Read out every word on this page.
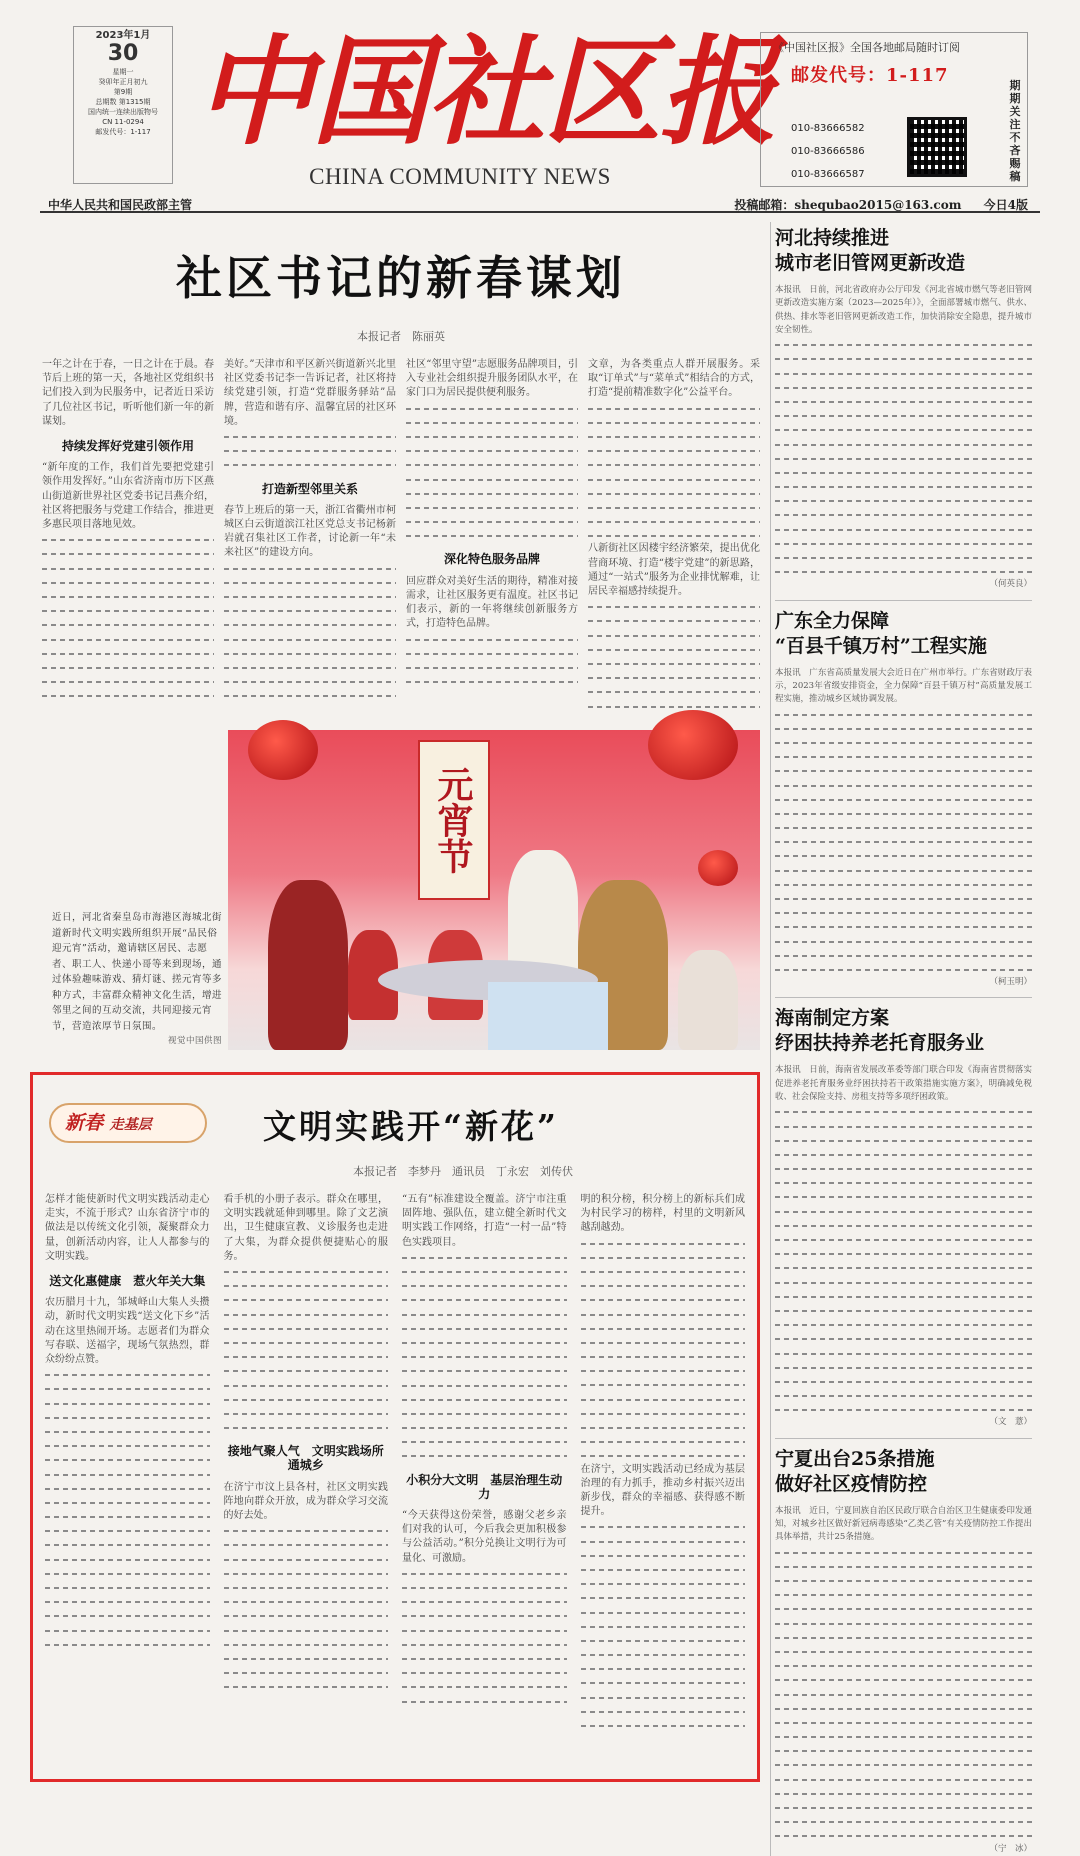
2023年1月
30
星期一
癸卯年正月初九
第9期
总期数 第1315期
国内统一连续出版物号
CN 11-0294
邮发代号：1-117 中国社区报
CHINA COMMUNITY NEWS
《中国社区报》全国各地邮局随时订阅
邮发代号：1-117
010-83666582
010-83666586
010-83666587
期期关注 不吝赐稿
中华人民共和国民政部主管	投稿邮箱：shequbao2015@163.com 今日4版
社区书记的新春谋划
本报记者　陈丽英

一年之计在于春，一日之计在于晨。春节后上班的第一天，各地社区党组织书记们投入到为民服务中，记者近日采访了几位社区书记，听听他们新一年的新谋划。

持续发挥好党建引领作用

“新年度的工作，我们首先要把党建引领作用发挥好。”山东省济南市历下区燕山街道新世界社区党委书记吕燕介绍，社区将把服务与党建工作结合，推进更多惠民项目落地见效。

美好。”天津市和平区新兴街道新兴北里社区党委书记李一告诉记者，社区将持续党建引领，打造“党群服务驿站”品牌，营造和谐有序、温馨宜居的社区环境。

打造新型邻里关系

春节上班后的第一天，浙江省衢州市柯城区白云街道滨江社区党总支书记杨新岩就召集社区工作者，讨论新一年“未来社区”的建设方向。

社区“邻里守望”志愿服务品牌项目，引入专业社会组织提升服务团队水平，在家门口为居民提供便利服务。

深化特色服务品牌

回应群众对美好生活的期待，精准对接需求，让社区服务更有温度。社区书记们表示，新的一年将继续创新服务方式，打造特色品牌。

文章，为各类重点人群开展服务。采取“订单式”与“菜单式”相结合的方式，打造“提前精准数字化”公益平台。

八新街社区因楼宇经济繁荣，提出优化营商环境、打造“楼宇党建”的新思路，通过“一站式”服务为企业排忧解难，让居民幸福感持续提升。

近日，河北省秦皇岛市海港区海城北街道新时代文明实践所组织开展“品民俗 迎元宵”活动，邀请辖区居民、志愿者、职工人、快递小哥等来到现场，通过体验趣味游戏、猜灯谜、搓元宵等多种方式，丰富群众精神文化生活，增进邻里之间的互动交流，共同迎接元宵节，营造浓厚节日氛围。

视觉中国供图
元宵节
新春 走基层	文明实践开“新花”
本报记者　李梦丹　通讯员　丁永宏　刘传伏

怎样才能使新时代文明实践活动走心走实，不流于形式？山东省济宁市的做法是以传统文化引领，凝聚群众力量，创新活动内容，让人人都参与的文明实践。

送文化惠健康　惹火年关大集

农历腊月十九，邹城峄山大集人头攒动，新时代文明实践“送文化下乡”活动在这里热闹开场。志愿者们为群众写春联、送福字，现场气氛热烈，群众纷纷点赞。

看手机的小册子表示。群众在哪里，文明实践就延伸到哪里。除了文艺演出，卫生健康宣教、义诊服务也走进了大集，为群众提供便捷贴心的服务。

接地气聚人气　文明实践场所通城乡

在济宁市汶上县各村，社区文明实践阵地向群众开放，成为群众学习交流的好去处。

“五有”标准建设全覆盖。济宁市注重固阵地、强队伍，建立健全新时代文明实践工作网络，打造“一村一品”特色实践项目。

小积分大文明　基层治理生动力

“今天获得这份荣誉，感谢父老乡亲们对我的认可，今后我会更加积极参与公益活动。”积分兑换让文明行为可量化、可激励。

明的积分榜，积分榜上的新标兵们成为村民学习的榜样，村里的文明新风越刮越劲。

在济宁，文明实践活动已经成为基层治理的有力抓手，推动乡村振兴迈出新步伐，群众的幸福感、获得感不断提升。

河北持续推进
城市老旧管网更新改造

本报讯　日前，河北省政府办公厅印发《河北省城市燃气等老旧管网更新改造实施方案（2023—2025年）》，全面部署城市燃气、供水、供热、排水等老旧管网更新改造工作，加快消除安全隐患，提升城市安全韧性。

（何英良）

广东全力保障
“百县千镇万村”工程实施

本报讯　广东省高质量发展大会近日在广州市举行。广东省财政厅表示，2023年省级安排资金，全力保障“百县千镇万村”高质量发展工程实施，推动城乡区域协调发展。

（柯玉明）

海南制定方案
纾困扶持养老托育服务业

本报讯　日前，海南省发展改革委等部门联合印发《海南省贯彻落实促进养老托育服务业纾困扶持若干政策措施实施方案》，明确减免税收、社会保险支持、房租支持等多项纾困政策。

（文　薏）

宁夏出台25条措施
做好社区疫情防控

本报讯　近日，宁夏回族自治区民政厅联合自治区卫生健康委印发通知，对城乡社区做好新冠病毒感染“乙类乙管”有关疫情防控工作提出具体举措，共计25条措施。

（宁　冰）
